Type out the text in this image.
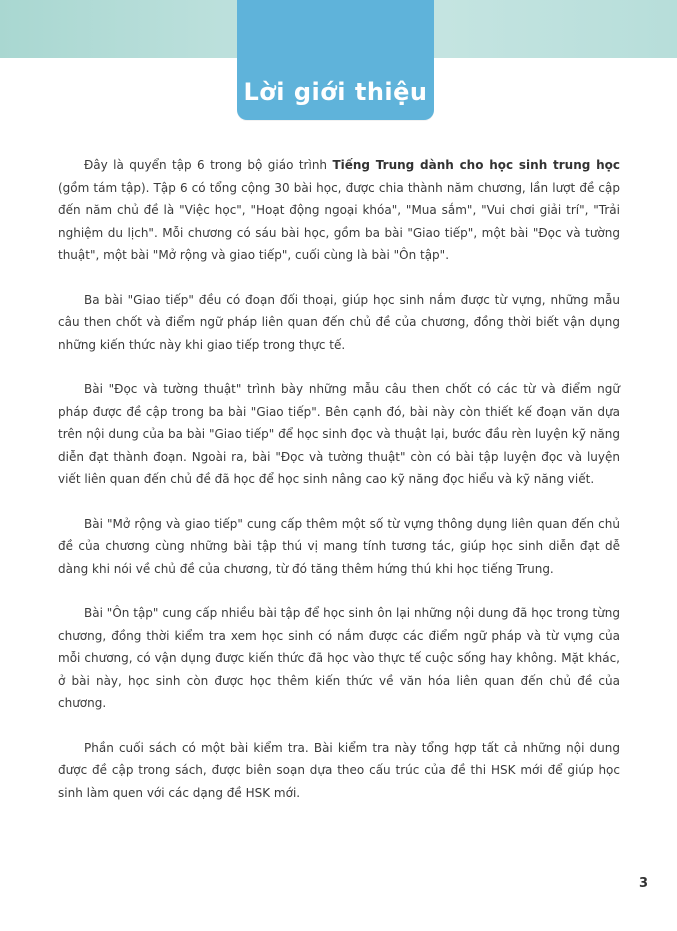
Lời giới thiệu

Đây là quyển tập 6 trong bộ giáo trình Tiếng Trung dành cho học sinh trung học (gồm tám tập). Tập 6 có tổng cộng 30 bài học, được chia thành năm chương, lần lượt đề cập đến năm chủ đề là "Việc học", "Hoạt động ngoại khóa", "Mua sắm", "Vui chơi giải trí", "Trải nghiệm du lịch". Mỗi chương có sáu bài học, gồm ba bài "Giao tiếp", một bài "Đọc và tường thuật", một bài "Mở rộng và giao tiếp", cuối cùng là bài "Ôn tập".

Ba bài "Giao tiếp" đều có đoạn đối thoại, giúp học sinh nắm được từ vựng, những mẫu câu then chốt và điểm ngữ pháp liên quan đến chủ đề của chương, đồng thời biết vận dụng những kiến thức này khi giao tiếp trong thực tế.

Bài "Đọc và tường thuật" trình bày những mẫu câu then chốt có các từ và điểm ngữ pháp được đề cập trong ba bài "Giao tiếp". Bên cạnh đó, bài này còn thiết kế đoạn văn dựa trên nội dung của ba bài "Giao tiếp" để học sinh đọc và thuật lại, bước đầu rèn luyện kỹ năng diễn đạt thành đoạn. Ngoài ra, bài "Đọc và tường thuật" còn có bài tập luyện đọc và luyện viết liên quan đến chủ đề đã học để học sinh nâng cao kỹ năng đọc hiểu và kỹ năng viết.

Bài "Mở rộng và giao tiếp" cung cấp thêm một số từ vựng thông dụng liên quan đến chủ đề của chương cùng những bài tập thú vị mang tính tương tác, giúp học sinh diễn đạt dễ dàng khi nói về chủ đề của chương, từ đó tăng thêm hứng thú khi học tiếng Trung.

Bài "Ôn tập" cung cấp nhiều bài tập để học sinh ôn lại những nội dung đã học trong từng chương, đồng thời kiểm tra xem học sinh có nắm được các điểm ngữ pháp và từ vựng của mỗi chương, có vận dụng được kiến thức đã học vào thực tế cuộc sống hay không. Mặt khác, ở bài này, học sinh còn được học thêm kiến thức về văn hóa liên quan đến chủ đề của chương.

Phần cuối sách có một bài kiểm tra. Bài kiểm tra này tổng hợp tất cả những nội dung được đề cập trong sách, được biên soạn dựa theo cấu trúc của đề thi HSK mới để giúp học sinh làm quen với các dạng đề HSK mới.

3
